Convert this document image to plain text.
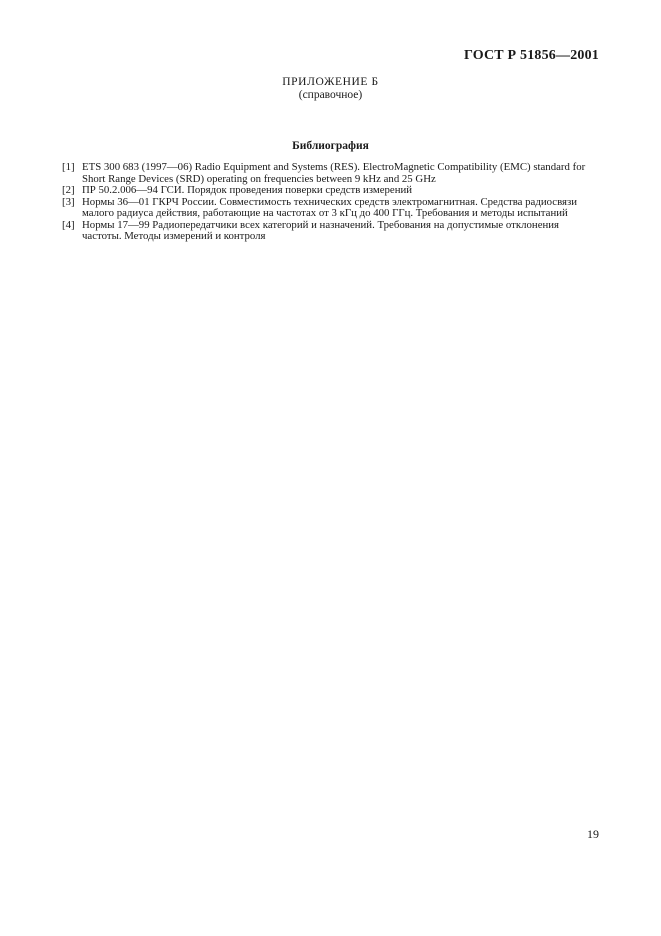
ГОСТ Р 51856—2001
ПРИЛОЖЕНИЕ Б
(справочное)
Библиография
[1] ETS 300 683 (1997—06) Radio Equipment and Systems (RES). ElectroMagnetic Compatibility (EMC) standard for
Short Range Devices (SRD) operating on frequencies between 9 kHz and 25 GHz
[2] ПР 50.2.006—94 ГСИ. Порядок проведения поверки средств измерений
[3] Нормы 36—01 ГКРЧ России. Совместимость технических средств электромагнитная. Средства радиосвязи
малого радиуса действия, работающие на частотах от 3 кГц до 400 ГГц. Требования и методы испытаний
[4] Нормы 17—99 Радиопередатчики всех категорий и назначений. Требования на допустимые отклонения
частоты. Методы измерений и контроля
19
